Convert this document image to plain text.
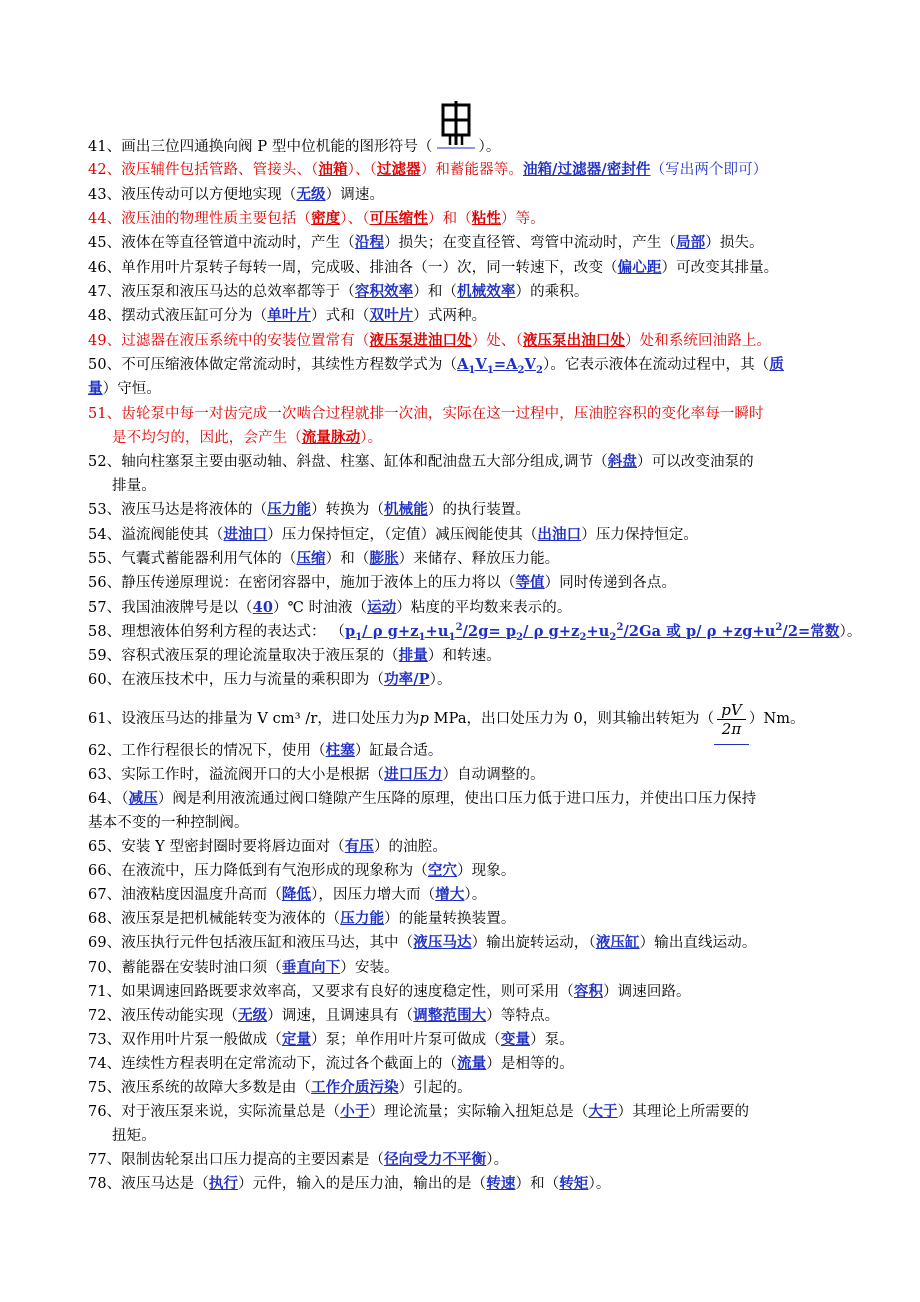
41、画出三位四通换向阀 P 型中位机能的图形符号（	）。
42、液压辅件包括管路、管接头、（油箱）、（过滤器）和蓄能器等。油箱/过滤器/密封件（写出两个即可）
43、液压传动可以方便地实现（无级）调速。
44、液压油的物理性质主要包括（密度）、（可压缩性）和（粘性）等。
45、液体在等直径管道中流动时，产生（沿程）损失；在变直径管、弯管中流动时，产生（局部）损失。
46、单作用叶片泵转子每转一周，完成吸、排油各（一）次，同一转速下，改变（偏心距）可改变其排量。
47、液压泵和液压马达的总效率都等于（容积效率）和（机械效率）的乘积。
48、摆动式液压缸可分为（单叶片）式和（双叶片）式两种。
49、过滤器在液压系统中的安装位置常有（液压泵进油口处）处、（液压泵出油口处）处和系统回油路上。
50、不可压缩液体做定常流动时，其续性方程数学式为$(A_1V_1=A_2V_2)$。它表示液体在流动过程中，其（质
量）守恒。
51、齿轮泵中每一对齿完成一次啮合过程就排一次油，实际在这一过程中，压油腔容积的变化率每一瞬时
是不均匀的，因此，会产生（流量脉动）。
52、轴向柱塞泵主要由驱动轴、斜盘、柱塞、缸体和配油盘五大部分组成,调节（斜盘）可以改变油泵的
排量。
53、液压马达是将液体的（压力能）转换为（机械能）的执行装置。
54、溢流阀能使其（进油口）压力保持恒定，（定值）减压阀能使其（出油口）压力保持恒定。
55、气囊式蓄能器利用气体的（压缩）和（膨胀）来储存、释放压力能。
56、静压传递原理说：在密闭容器中，施加于液体上的压力将以（等值）同时传递到各点。
57、我国油液牌号是以（40）℃ 时油液（运动）粘度的平均数来表示的。
58、理想液体伯努利方程的表达式： （$p_1/$ ρ $g+z_1+u_1^2/2g= p_2/$ ρ $g+z_2+u_2^2/2Ga$ 或 p/ $\rho +zg+u^2/2=$常数）。
59、容积式液压泵的理论流量取决于液压泵的（排量）和转速。
60、在液压技术中，压力与流量的乘积即为（功率/P）。
61、设液压马达的排量为 V cm³ /r，进口处压力为p MPa，出口处压力为 0，则其输出转矩为（ $\frac{pV}{2\pi} )Nm$。
62、工作行程很长的情况下，使用（柱塞）缸最合适。
63、实际工作时，溢流阀开口的大小是根据（进口压力）自动调整的。
64、（减压）阀是利用液流通过阀口缝隙产生压降的原理，使出口压力低于进口压力，并使出口压力保持
基本不变的一种控制阀。
65、安装 Y 型密封圈时要将唇边面对（有压）的油腔。
66、在液流中，压力降低到有气泡形成的现象称为（空穴）现象。
67、油液粘度因温度升高而（降低），因压力增大而（增大）。
68、液压泵是把机械能转变为液体的（压力能）的能量转换装置。
69、液压执行元件包括液压缸和液压马达，其中（液压马达）输出旋转运动，（液压缸）输出直线运动。
70、蓄能器在安装时油口须（垂直向下）安装。
71、如果调速回路既要求效率高，又要求有良好的速度稳定性，则可采用（容积）调速回路。
72、液压传动能实现（无级）调速，且调速具有（调整范围大）等特点。
73、双作用叶片泵一般做成（定量）泵；单作用叶片泵可做成（变量）泵。
74、连续性方程表明在定常流动下，流过各个截面上的（流量）是相等的。
75、液压系统的故障大多数是由（工作介质污染）引起的。
76、对于液压泵来说，实际流量总是（小于）理论流量；实际输入扭矩总是（大于）其理论上所需要的
扭矩。
77、限制齿轮泵出口压力提高的主要因素是（径向受力不平衡）。
78、液压马达是（执行）元件，输入的是压力油，输出的是（转速）和（转矩）。
